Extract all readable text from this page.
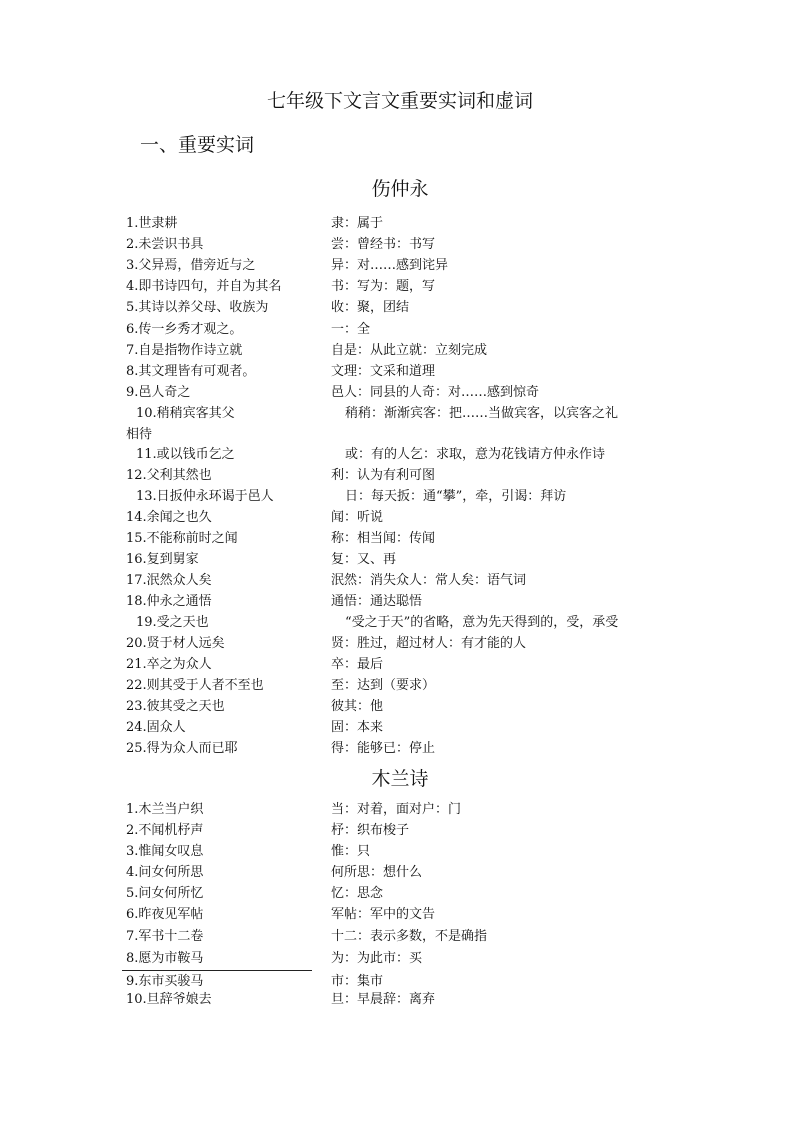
七年级下文言文重要实词和虚词
一、重要实词
伤仲永
1.世隶耕	隶：属于
2.未尝识书具	尝：曾经书：书写
3.父异焉，借旁近与之	异：对……感到诧异
4.即书诗四句，并自为其名	书：写为：题，写
5.其诗以养父母、收族为	收：聚，团结
6.传一乡秀才观之。	一：全
7.自是指物作诗立就	自是：从此立就：立刻完成
8.其文理皆有可观者。	文理：文采和道理
9.邑人奇之	邑人：同县的人奇：对……感到惊奇
10.稍稍宾客其父	稍稍：渐渐宾客：把……当做宾客，以宾客之礼
相待
11.或以钱币乞之	或：有的人乞：求取，意为花钱请方仲永作诗
12.父利其然也	利：认为有利可图
13.日扳仲永环谒于邑人	日：每天扳：通“攀”，牵，引谒：拜访
14.余闻之也久	闻：听说
15.不能称前时之闻	称：相当闻：传闻
16.复到舅家	复：又、再
17.泯然众人矣	泯然：消失众人：常人矣：语气词
18.仲永之通悟	通悟：通达聪悟
19.受之天也	“受之于天”的省略，意为先天得到的，受，承受
20.贤于材人远矣	贤：胜过，超过材人：有才能的人
21.卒之为众人	卒：最后
22.则其受于人者不至也	至：达到（要求）
23.彼其受之天也	彼其：他
24.固众人	固：本来
25.得为众人而已耶	得：能够已：停止
木兰诗
1.木兰当户织	当：对着，面对户：门
2.不闻机杼声	杼：织布梭子
3.惟闻女叹息	惟：只
4.问女何所思	何所思：想什么
5.问女何所忆	忆：思念
6.昨夜见军帖	军帖：军中的文告
7.军书十二卷	十二：表示多数，不是确指
8.愿为市鞍马	为：为此市：买
9.东市买骏马	市：集市
10.旦辞爷娘去	旦：早晨辞：离弃
